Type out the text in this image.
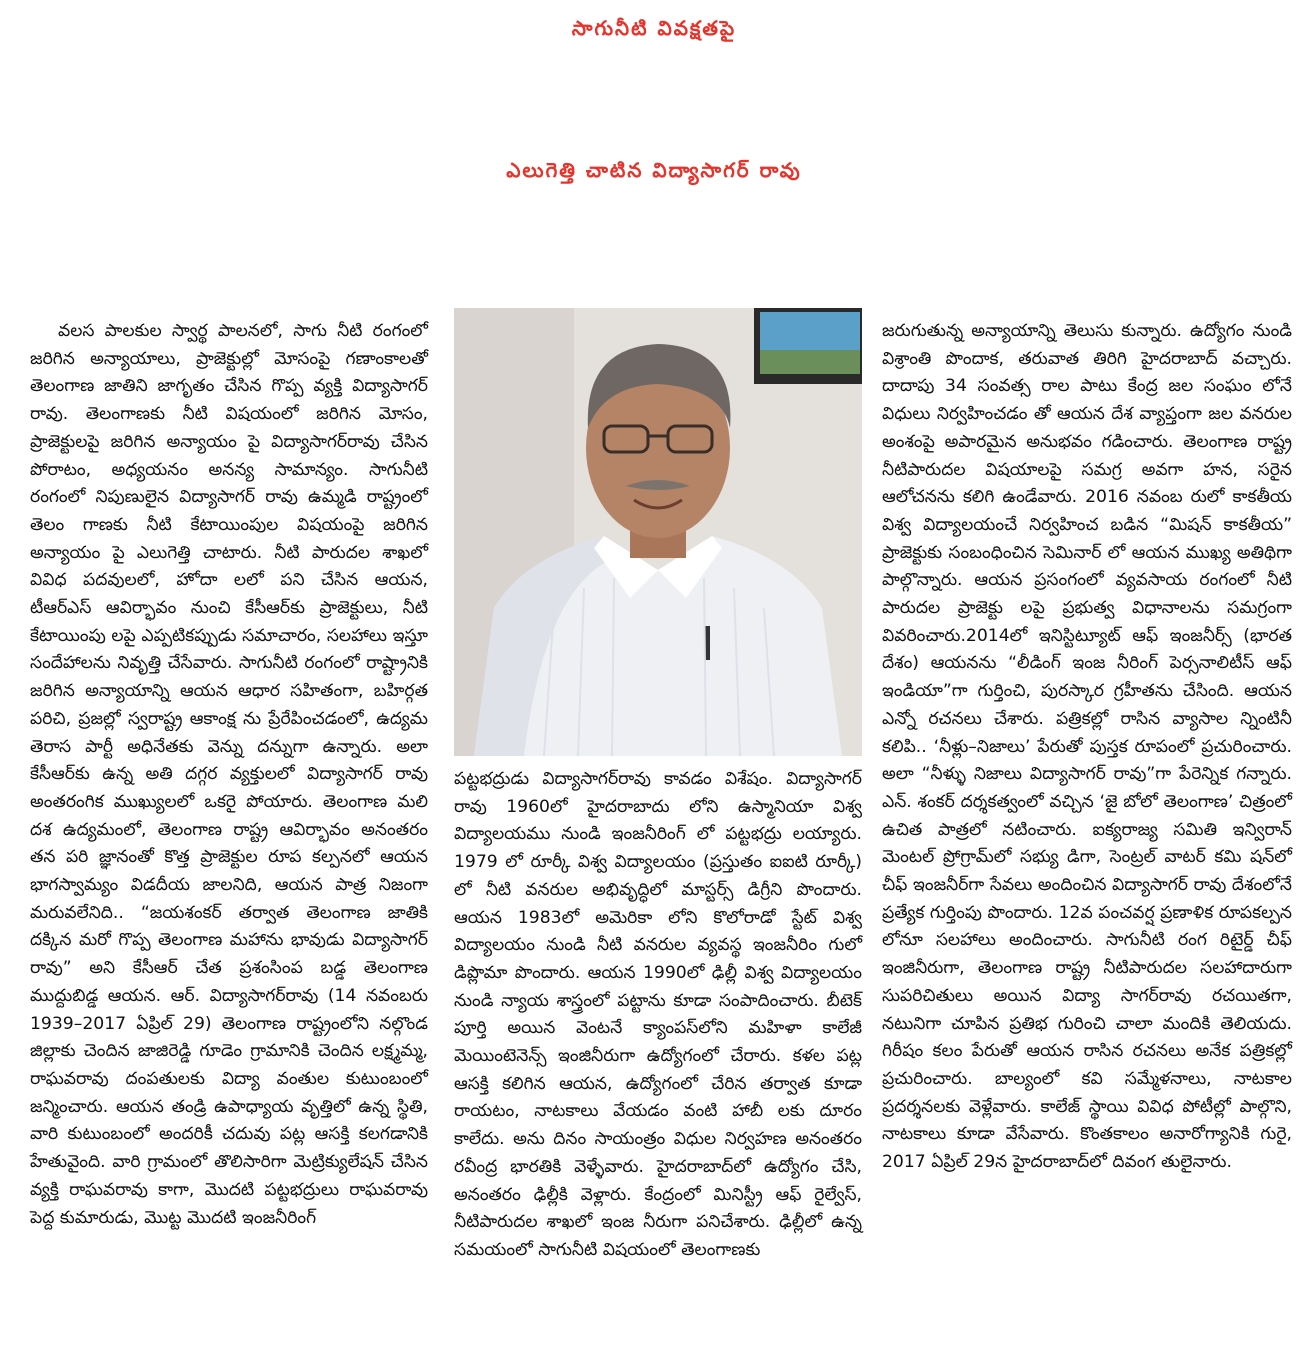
సాగునీటి వివక్షతపై
ఎలుగెత్తి చాటిన విద్యాసాగర్ రావు

వలస పాలకుల స్వార్థ పాలనలో, సాగు నీటి రంగంలో జరిగిన అన్యాయాలు, ప్రాజెక్టుల్లో మోసంపై గణాంకాలతో తెలంగాణ జాతిని జాగృతం చేసిన గొప్ప వ్యక్తి విద్యాసాగర్ రావు. తెలంగాణకు నీటి విషయంలో జరిగిన మోసం, ప్రాజెక్టులపై జరిగిన అన్యాయం పై విద్యాసాగర్‌రావు చేసిన పోరాటం, అధ్యయనం అనన్య సామాన్యం. సాగునీటి రంగంలో నిపుణులైన విద్యాసాగర్ రావు ఉమ్మడి రాష్ట్రంలో తెలం గాణకు నీటి కేటాయింపుల విషయంపై జరిగిన అన్యాయం పై ఎలుగెత్తి చాటారు. నీటి పారుదల శాఖలో వివిధ పదవులలో, హోదా లలో పని చేసిన ఆయన, టీఆర్ఎస్ ఆవిర్భావం నుంచి కేసీఆర్‌కు ప్రాజెక్టులు, నీటి కేటాయింపు లపై ఎప్పటికప్పుడు సమాచారం, సలహాలు ఇస్తూ సందేహాలను నివృత్తి చేసేవారు. సాగునీటి రంగంలో రాష్ట్రానికి జరిగిన అన్యాయాన్ని ఆయన ఆధార సహితంగా, బహిర్గత పరిచి, ప్రజల్లో స్వరాష్ట్ర ఆకాంక్ష ను ప్రేరేపించడంలో, ఉద్యమ తెరాస పార్టీ అధినేతకు వెన్ను దన్నుగా ఉన్నారు. అలా కేసీఆర్‌కు ఉన్న అతి దగ్గర వ్యక్తులలో విద్యాసాగర్ రావు అంతరంగిక ముఖ్యులలో ఒకరై పోయారు. తెలంగాణ మలి దశ ఉద్యమంలో, తెలంగాణ రాష్ట్ర ఆవిర్భావం అనంతరం తన పరి జ్ఞానంతో కొత్త ప్రాజెక్టుల రూప కల్పనలో ఆయన భాగస్వామ్యం విడదీయ జాలనిది, ఆయన పాత్ర నిజంగా మరువలేనిది.. “జయశంకర్ తర్వాత తెలంగాణ జాతికి దక్కిన మరో గొప్ప తెలంగాణ మహాను భావుడు విద్యాసాగర్ రావు” అని కేసీఆర్ చేత ప్రశంసింప బడ్డ తెలంగాణ ముద్దుబిడ్డ ఆయన. ఆర్. విద్యాసాగర్‌రావు (14 నవంబరు 1939–2017 ఏప్రిల్ 29) తెలంగాణ రాష్ట్రంలోని నల్గొండ జిల్లాకు చెందిన జాజిరెడ్డి గూడెం గ్రామానికి చెందిన లక్ష్మమ్మ, రాఘవరావు దంపతులకు విద్యా వంతుల కుటుంబంలో జన్మించారు. ఆయన తండ్రి ఉపాధ్యాయ వృత్తిలో ఉన్న స్థితి, వారి కుటుంబంలో అందరికీ చదువు పట్ల ఆసక్తి కలగడానికి హేతువైంది. వారి గ్రామంలో తొలిసారిగా మెట్రిక్యులేషన్ చేసిన వ్యక్తి రాఘవరావు కాగా, మొదటి పట్టభద్రులు రాఘవరావు పెద్ద కుమారుడు, మొట్ట మొదటి ఇంజనీరింగ్

పట్టభద్రుడు విద్యాసాగర్‌రావు కావడం విశేషం. విద్యాసాగర్ రావు 1960లో హైదరాబాదు లోని ఉస్మానియా విశ్వ విద్యాలయము నుండి ఇంజనీరింగ్ లో పట్టభద్రు లయ్యారు. 1979 లో రూర్కీ విశ్వ విద్యాలయం (ప్రస్తుతం ఐఐటి రూర్కీ) లో నీటి వనరుల అభివృద్ధిలో మాస్టర్స్ డిగ్రీని పొందారు. ఆయన 1983లో అమెరికా లోని కొలోరాడో స్టేట్ విశ్వ విద్యాలయం నుండి నీటి వనరుల వ్యవస్థ ఇంజనీరిం గులో డిప్లొమా పొందారు. ఆయన 1990లో ఢిల్లీ విశ్వ విద్యాలయం నుండి న్యాయ శాస్త్రంలో పట్టాను కూడా సంపాదించారు. బీటెక్ పూర్తి అయిన వెంటనే క్యాంపస్‌లోని మహిళా కాలేజీ మెయింటెనెన్స్ ఇంజినీరుగా ఉద్యోగంలో చేరారు. కళల పట్ల ఆసక్తి కలిగిన ఆయన, ఉద్యోగంలో చేరిన తర్వాత కూడా రాయటం, నాటకాలు వేయడం వంటి హాబీ లకు దూరం కాలేదు. అను దినం సాయంత్రం విధుల నిర్వహణ అనంతరం రవీంద్ర భారతికి వెళ్ళేవారు. హైదరాబాద్‌లో ఉద్యోగం చేసి, అనంతరం ఢిల్లీకి వెళ్లారు. కేంద్రంలో మినిస్ట్రీ ఆఫ్ రైల్వేస్, నీటిపారుదల శాఖలో ఇంజ నీరుగా పనిచేశారు. ఢిల్లీలో ఉన్న సమయంలో సాగునీటి విషయంలో తెలంగాణకు

జరుగుతున్న అన్యాయాన్ని తెలుసు కున్నారు. ఉద్యోగం నుండి విశ్రాంతి పొందాక, తరువాత తిరిగి హైదరాబాద్ వచ్చారు. దాదాపు 34 సంవత్స రాల పాటు కేంద్ర జల సంఘం లోనే విధులు నిర్వహించడం తో ఆయన దేశ వ్యాప్తంగా జల వనరుల అంశంపై అపారమైన అనుభవం గడించారు. తెలంగాణ రాష్ట్ర నీటిపారుదల విషయాలపై సమగ్ర అవగా హన, సరైన ఆలోచనను కలిగి ఉండేవారు. 2016 నవంబ రులో కాకతీయ విశ్వ విద్యాలయంచే నిర్వహించ బడిన “మిషన్ కాకతీయ” ప్రాజెక్టుకు సంబంధించిన సెమినార్ లో ఆయన ముఖ్య అతిథిగా పాల్గొన్నారు. ఆయన ప్రసంగంలో వ్యవసాయ రంగంలో నీటి పారుదల ప్రాజెక్టు లపై ప్రభుత్వ విధానాలను సమగ్రంగా వివరించారు.2014లో ఇనిస్టిట్యూట్ ఆఫ్ ఇంజనీర్స్ (భారత దేశం) ఆయనను “లీడింగ్ ఇంజ నీరింగ్ పెర్సనాలిటీస్ ఆఫ్ ఇండియా”గా గుర్తించి, పురస్కార గ్రహీతను చేసింది. ఆయన ఎన్నో రచనలు చేశారు. పత్రికల్లో రాసిన వ్యాసాల న్నింటినీ కలిపి.. ‘నీళ్లు–నిజాలు’ పేరుతో పుస్తక రూపంలో ప్రచురించారు. అలా “నీళ్ళు నిజాలు విద్యాసాగర్ రావు”గా పేరెన్నిక గన్నారు. ఎన్. శంకర్ దర్శకత్వంలో వచ్చిన ‘జై బోలో తెలంగాణ’ చిత్రంలో ఉచిత పాత్రలో నటించారు. ఐక్యరాజ్య సమితి ఇన్విరాన్ మెంటల్ ప్రోగ్రామ్‌లో సభ్యు డిగా, సెంట్రల్ వాటర్ కమి షన్‌లో చీఫ్ ఇంజనీర్‌గా సేవలు అందించిన విద్యాసాగర్ రావు దేశంలోనే ప్రత్యేక గుర్తింపు పొందారు. 12వ పంచవర్ష ప్రణాళిక రూపకల్పన లోనూ సలహాలు అందించారు. సాగునీటి రంగ రిటైర్డ్ చీఫ్ ఇంజినీరుగా, తెలంగాణ రాష్ట్ర నీటిపారుదల సలహాదారుగా సుపరిచితులు అయిన విద్యా సాగర్‌రావు రచయితగా, నటునిగా చూపిన ప్రతిభ గురించి చాలా మందికి తెలియదు. గిరీషం కలం పేరుతో ఆయన రాసిన రచనలు అనేక పత్రికల్లో ప్రచురించారు. బాల్యంలో కవి సమ్మేళనాలు, నాటకాల ప్రదర్శనలకు వెళ్లేవారు. కాలేజ్ స్థాయి వివిధ పోటీల్లో పాల్గొని, నాటకాలు కూడా వేసేవారు. కొంతకాలం అనారోగ్యానికి గురై, 2017 ఏప్రిల్ 29న హైదరాబాద్‌లో దివంగ తులైనారు.
